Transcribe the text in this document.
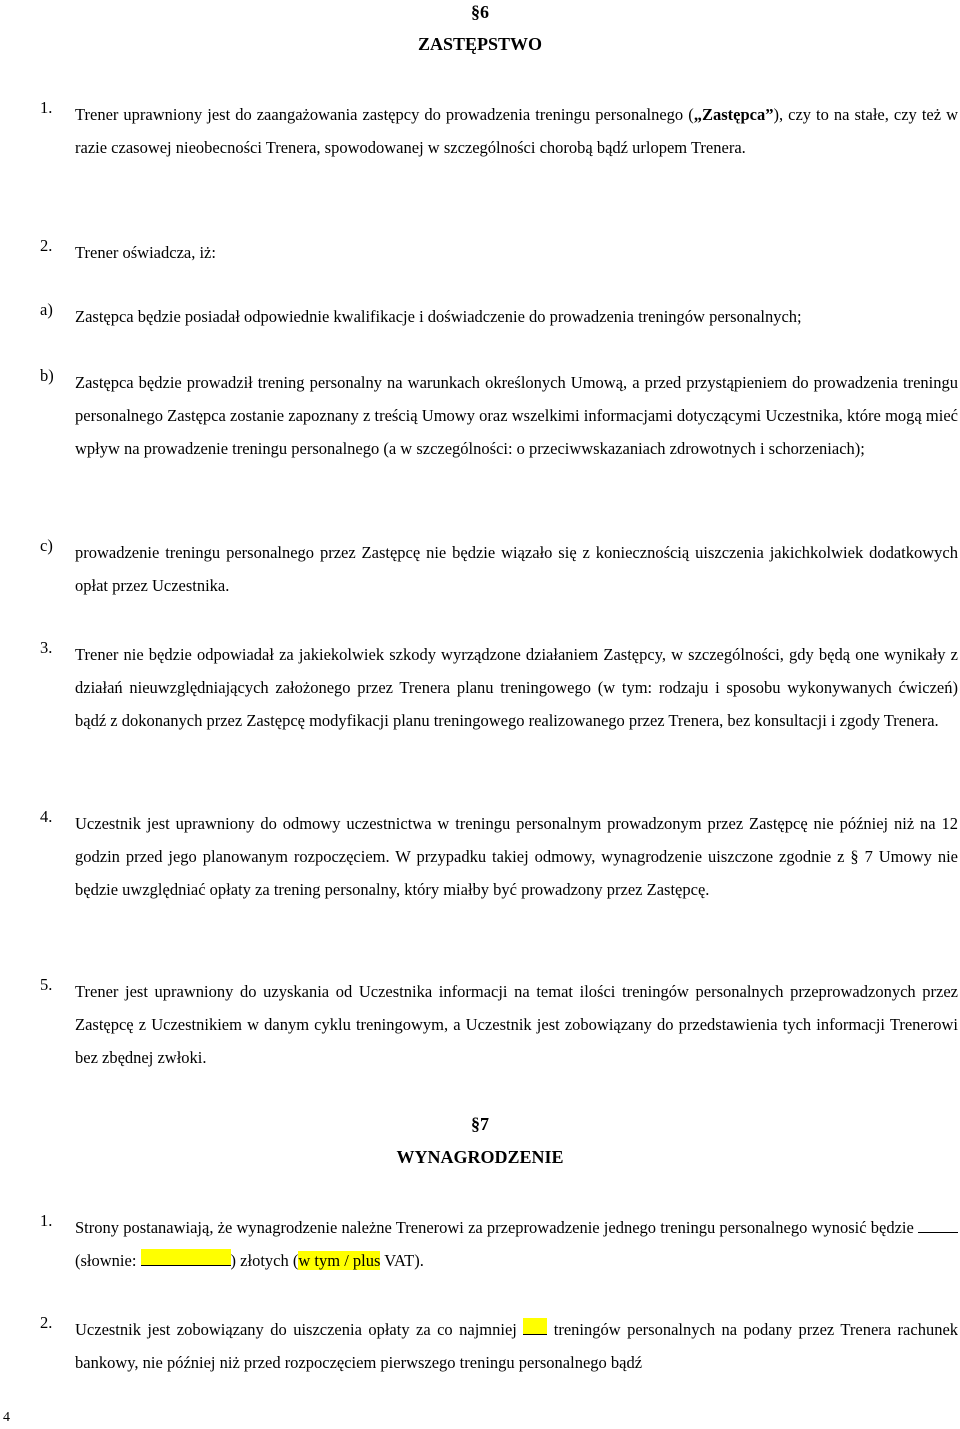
§6
ZASTĘPSTWO
1. Trener uprawniony jest do zaangażowania zastępcy do prowadzenia treningu personalnego („Zastępca”), czy to na stałe, czy też w razie czasowej nieobecności Trenera, spowodowanej w szczególności chorobą bądź urlopem Trenera.
2. Trener oświadcza, iż:
a) Zastępca będzie posiadał odpowiednie kwalifikacje i doświadczenie do prowadzenia treningów personalnych;
b) Zastępca będzie prowadził trening personalny na warunkach określonych Umową, a przed przystąpieniem do prowadzenia treningu personalnego Zastępca zostanie zapoznany z treścią Umowy oraz wszelkimi informacjami dotyczącymi Uczestnika, które mogą mieć wpływ na prowadzenie treningu personalnego (a w szczególności: o przeciwwskazaniach zdrowotnych i schorzeniach);
c) prowadzenie treningu personalnego przez Zastępcę nie będzie wiązało się z koniecznością uiszczenia jakichkolwiek dodatkowych opłat przez Uczestnika.
3. Trener nie będzie odpowiadał za jakiekolwiek szkody wyrządzone działaniem Zastępcy, w szczególności, gdy będą one wynikały z działań nieuwzględniających założonego przez Trenera planu treningowego (w tym: rodzaju i sposobu wykonywanych ćwiczeń) bądź z dokonanych przez Zastępcę modyfikacji planu treningowego realizowanego przez Trenera, bez konsultacji i zgody Trenera.
4. Uczestnik jest uprawniony do odmowy uczestnictwa w treningu personalnym prowadzonym przez Zastępcę nie później niż na 12 godzin przed jego planowanym rozpoczęciem. W przypadku takiej odmowy, wynagrodzenie uiszczone zgodnie z § 7 Umowy nie będzie uwzględniać opłaty za trening personalny, który miałby być prowadzony przez Zastępcę.
5. Trener jest uprawniony do uzyskania od Uczestnika informacji na temat ilości treningów personalnych przeprowadzonych przez Zastępcę z Uczestnikiem w danym cyklu treningowym, a Uczestnik jest zobowiązany do przedstawienia tych informacji Trenerowi bez zbędnej zwłoki.
§7
WYNAGRODZENIE
1. Strony postanawiają, że wynagrodzenie należne Trenerowi za przeprowadzenie jednego treningu personalnego wynosić będzie  (słownie:	) złotych (w tym / plus VAT).
2. Uczestnik jest zobowiązany do uiszczenia opłaty za co najmniej treningów personalnych na podany przez Trenera rachunek bankowy, nie później niż przed rozpoczęciem pierwszego treningu personalnego bądź
4
